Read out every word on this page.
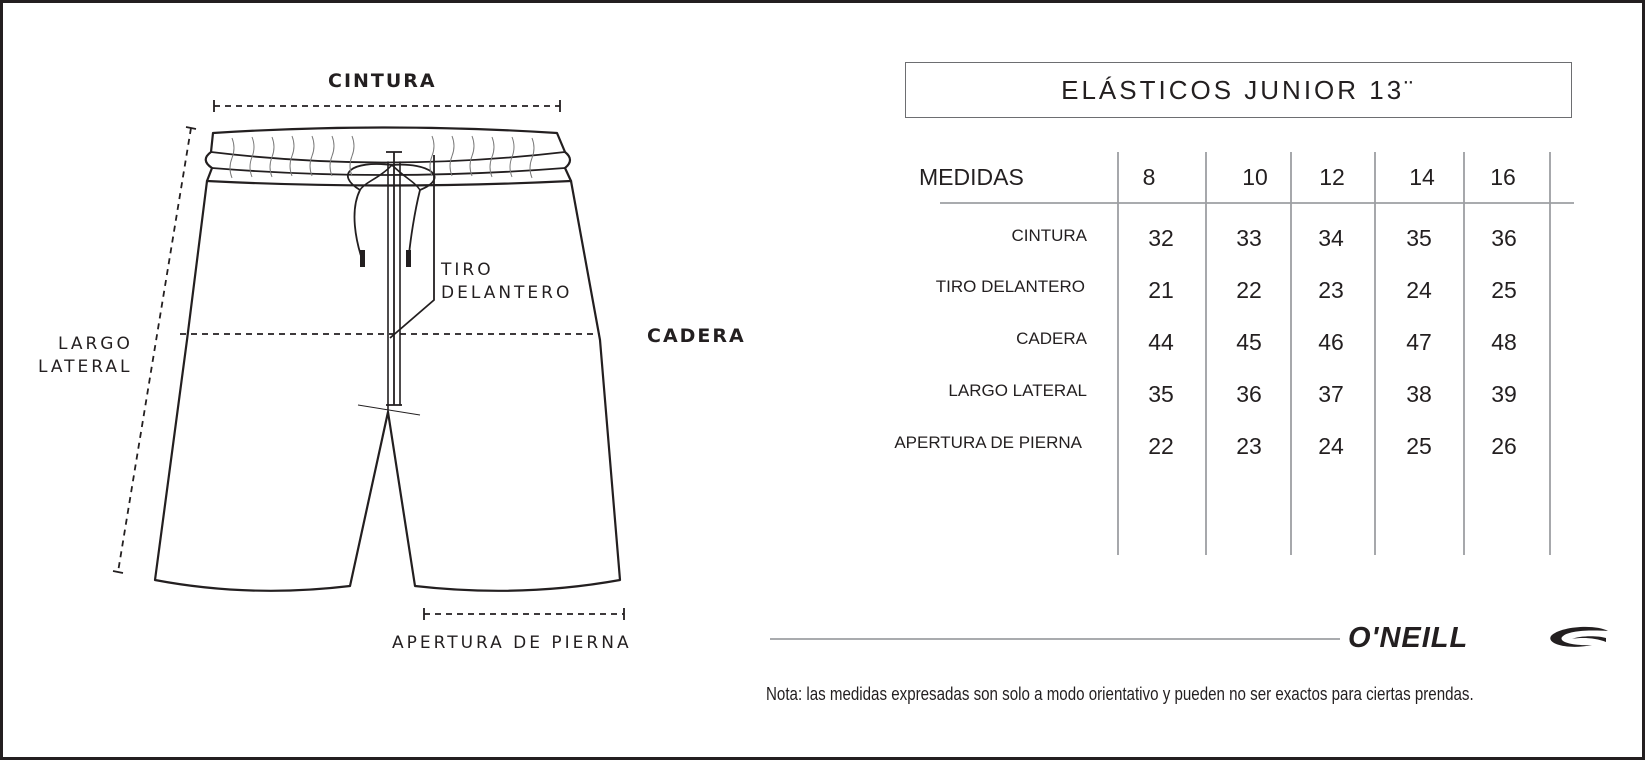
CINTURA
CADERA
LARGO
LATERAL
TIRO
DELANTERO
APERTURA DE PIERNA
ELÁSTICOS JUNIOR 13¨
MEDIDAS	8	10	12	14	16
CINTURA	32	33	34	35	36
TIRO DELANTERO	21	22	23	24	25
CADERA	44	45	46	47	48
LARGO LATERAL	35	36	37	38	39
APERTURA DE PIERNA	22	23	24	25	26
O'NEILL
Nota: las medidas expresadas son solo a modo orientativo y pueden no ser exactos para ciertas prendas.
